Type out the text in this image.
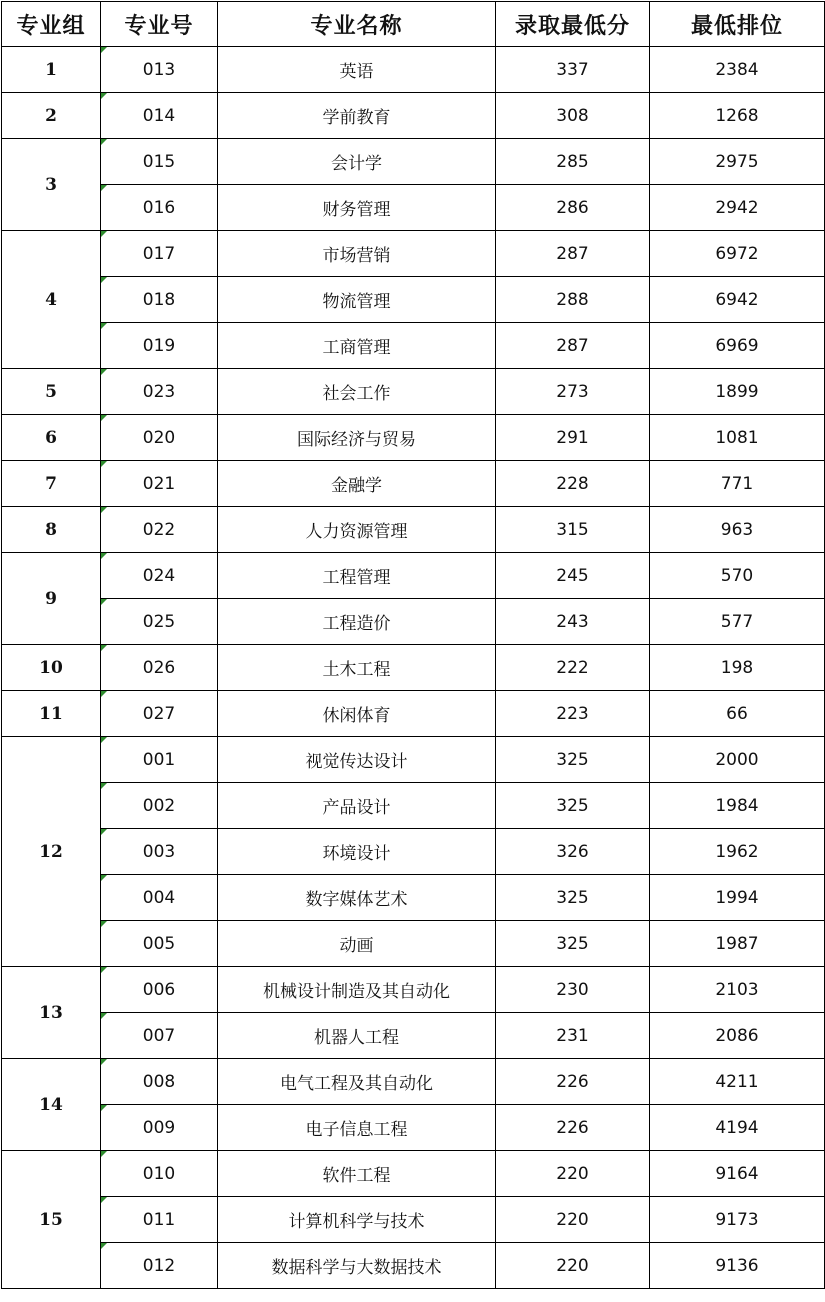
专业组	专业号	专业名称	录取最低分	最低排位
1	013	英语	337	2384
2	014	学前教育	308	1268
3	015	会计学	285	2975
	016	财务管理	286	2942
4	017	市场营销	287	6972
	018	物流管理	288	6942
	019	工商管理	287	6969
5	023	社会工作	273	1899
6	020	国际经济与贸易	291	1081
7	021	金融学	228	771
8	022	人力资源管理	315	963
9	024	工程管理	245	570
	025	工程造价	243	577
10	026	土木工程	222	198
11	027	休闲体育	223	66
12	001	视觉传达设计	325	2000
	002	产品设计	325	1984
	003	环境设计	326	1962
	004	数字媒体艺术	325	1994
	005	动画	325	1987
13	006	机械设计制造及其自动化	230	2103
	007	机器人工程	231	2086
14	008	电气工程及其自动化	226	4211
	009	电子信息工程	226	4194
15	010	软件工程	220	9164
	011	计算机科学与技术	220	9173
	012	数据科学与大数据技术	220	9136
